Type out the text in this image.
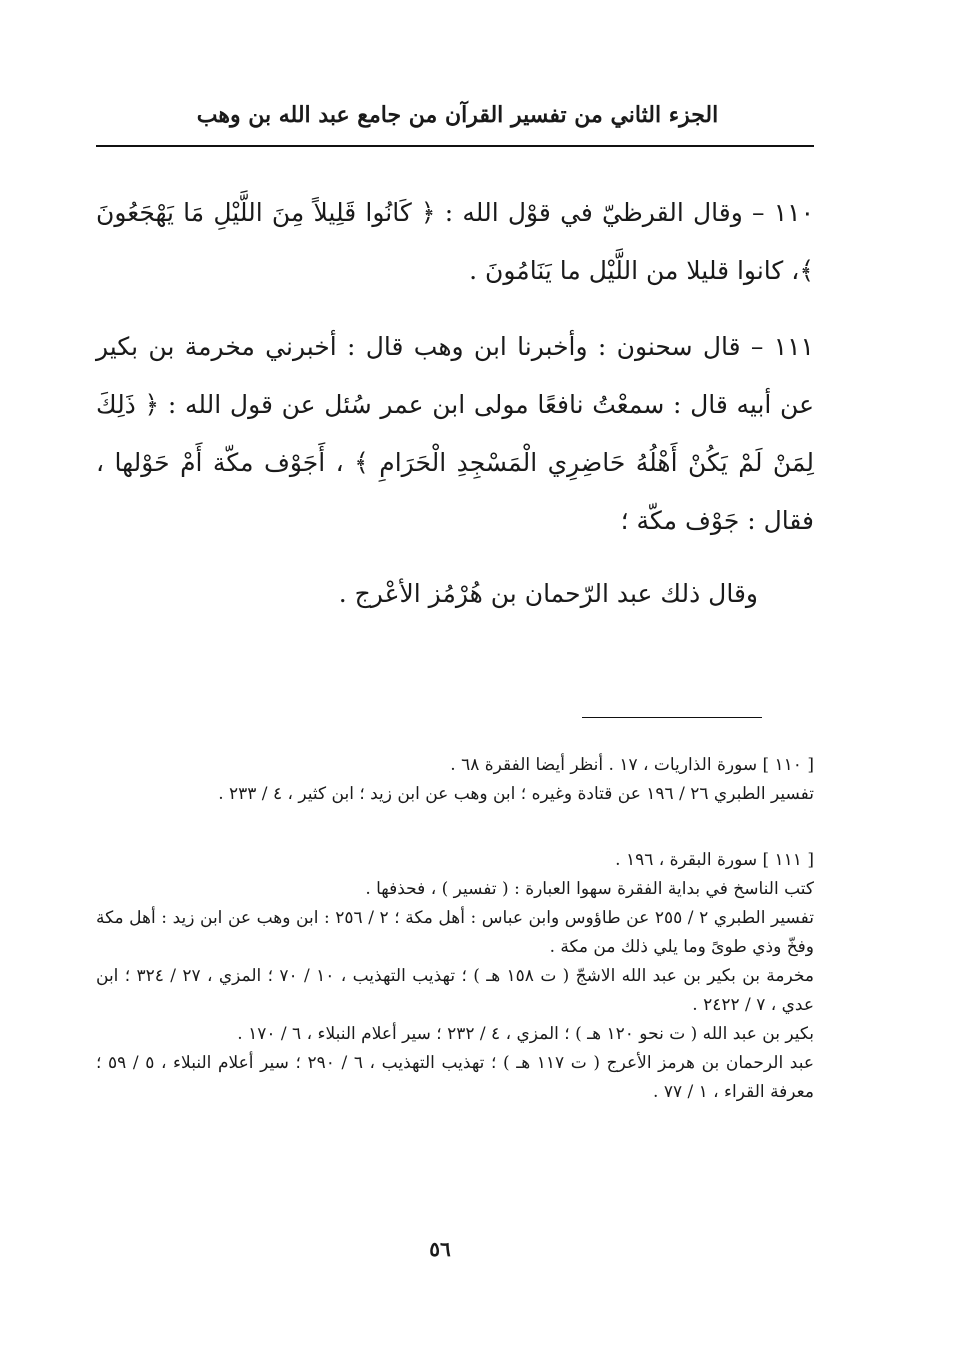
الجزء الثاني من تفسير القرآن من جامع عبد الله بن وهب

١١٠ – وقال القرظيّ في قوْل الله : ﴿ كَانُوا قَلِيلاً مِنَ اللَّيْلِ مَا يَهْجَعُونَ ﴾، كانوا قليلا من اللَّيْل ما يَنَامُونَ .

١١١ – قال سحنون : وأخبرنا ابن وهب قال : أخبرني مخرمة بن بكير عن أبيه قال : سمعْتُ نافعًا مولى ابن عمر سُئل عن قول الله : ﴿ ذَلِكَ لِمَنْ لَمْ يَكُنْ أَهْلُهُ حَاضِرِي الْمَسْجِدِ الْحَرَامِ ﴾ ، أَجَوْف مكّة أَمْ حَوْلها ، فقال : جَوْف مكّة ؛

وقال ذلك عبد الرّحمان بن هُرْمُز الأعْرج .

[ ١١٠ ] سورة الذاريات ، ١٧ . أنظر أيضا الفقرة ٦٨ .

تفسير الطبري ٢٦ / ١٩٦ عن قتادة وغيره ؛ ابن وهب عن ابن زيد ؛ ابن كثير ، ٤ / ٢٣٣ .

[ ١١١ ] سورة البقرة ، ١٩٦ .

كتب الناسخ في بداية الفقرة سهوا العبارة : ( تفسير ) ، فحذفها .

تفسير الطبري ٢ / ٢٥٥ عن طاؤوس وابن عباس : أهل مكة ؛ ٢ / ٢٥٦ : ابن وهب عن ابن زيد : أهل مكة وفخّ وذي طوىً وما يلي ذلك من مكة .

مخرمة بن بكير بن عبد الله الاشجّ ( ت ١٥٨ هـ ) ؛ تهذيب التهذيب ، ١٠ / ٧٠ ؛ المزي ، ٢٧ / ٣٢٤ ؛ ابن عدي ، ٧ / ٢٤٢٢ .

بكير بن عبد الله ( ت نحو ١٢٠ هـ ) ؛ المزي ، ٤ / ٢٣٢ ؛ سير أعلام النبلاء ، ٦ / ١٧٠ .

عبد الرحمان بن هرمز الأعرج ( ت ١١٧ هـ ) ؛ تهذيب التهذيب ، ٦ / ٢٩٠ ؛ سير أعلام النبلاء ، ٥ / ٥٩ ؛ معرفة القراء ، ١ / ٧٧ .

٥٦
